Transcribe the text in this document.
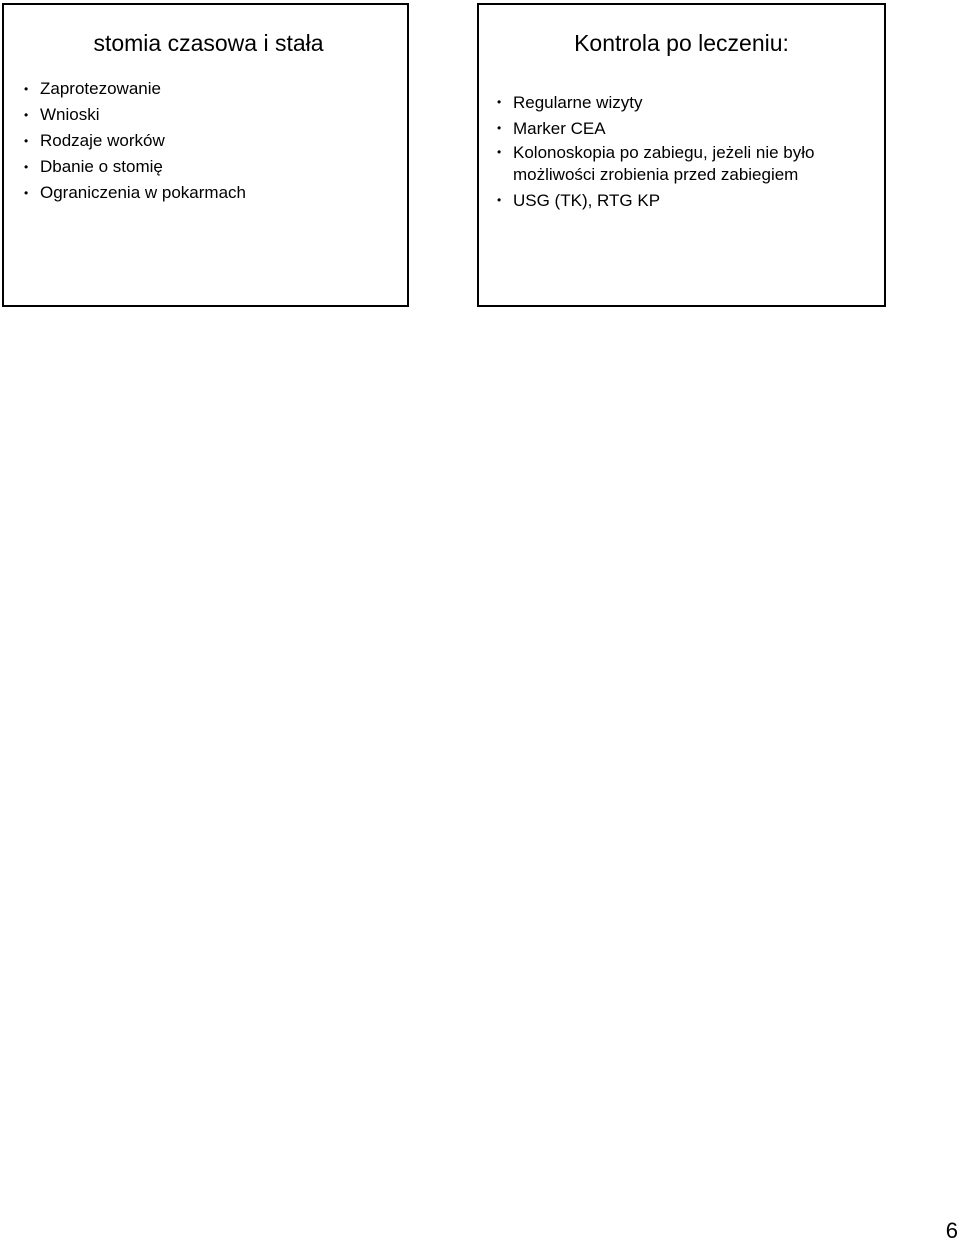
stomia czasowa i stała
• Zaprotezowanie
• Wnioski
• Rodzaje worków
• Dbanie o stomię
• Ograniczenia w pokarmach
Kontrola po leczeniu:
• Regularne wizyty
• Marker CEA
• Kolonoskopia po zabiegu, jeżeli nie było
możliwości zrobienia przed zabiegiem
• USG (TK), RTG KP
6
